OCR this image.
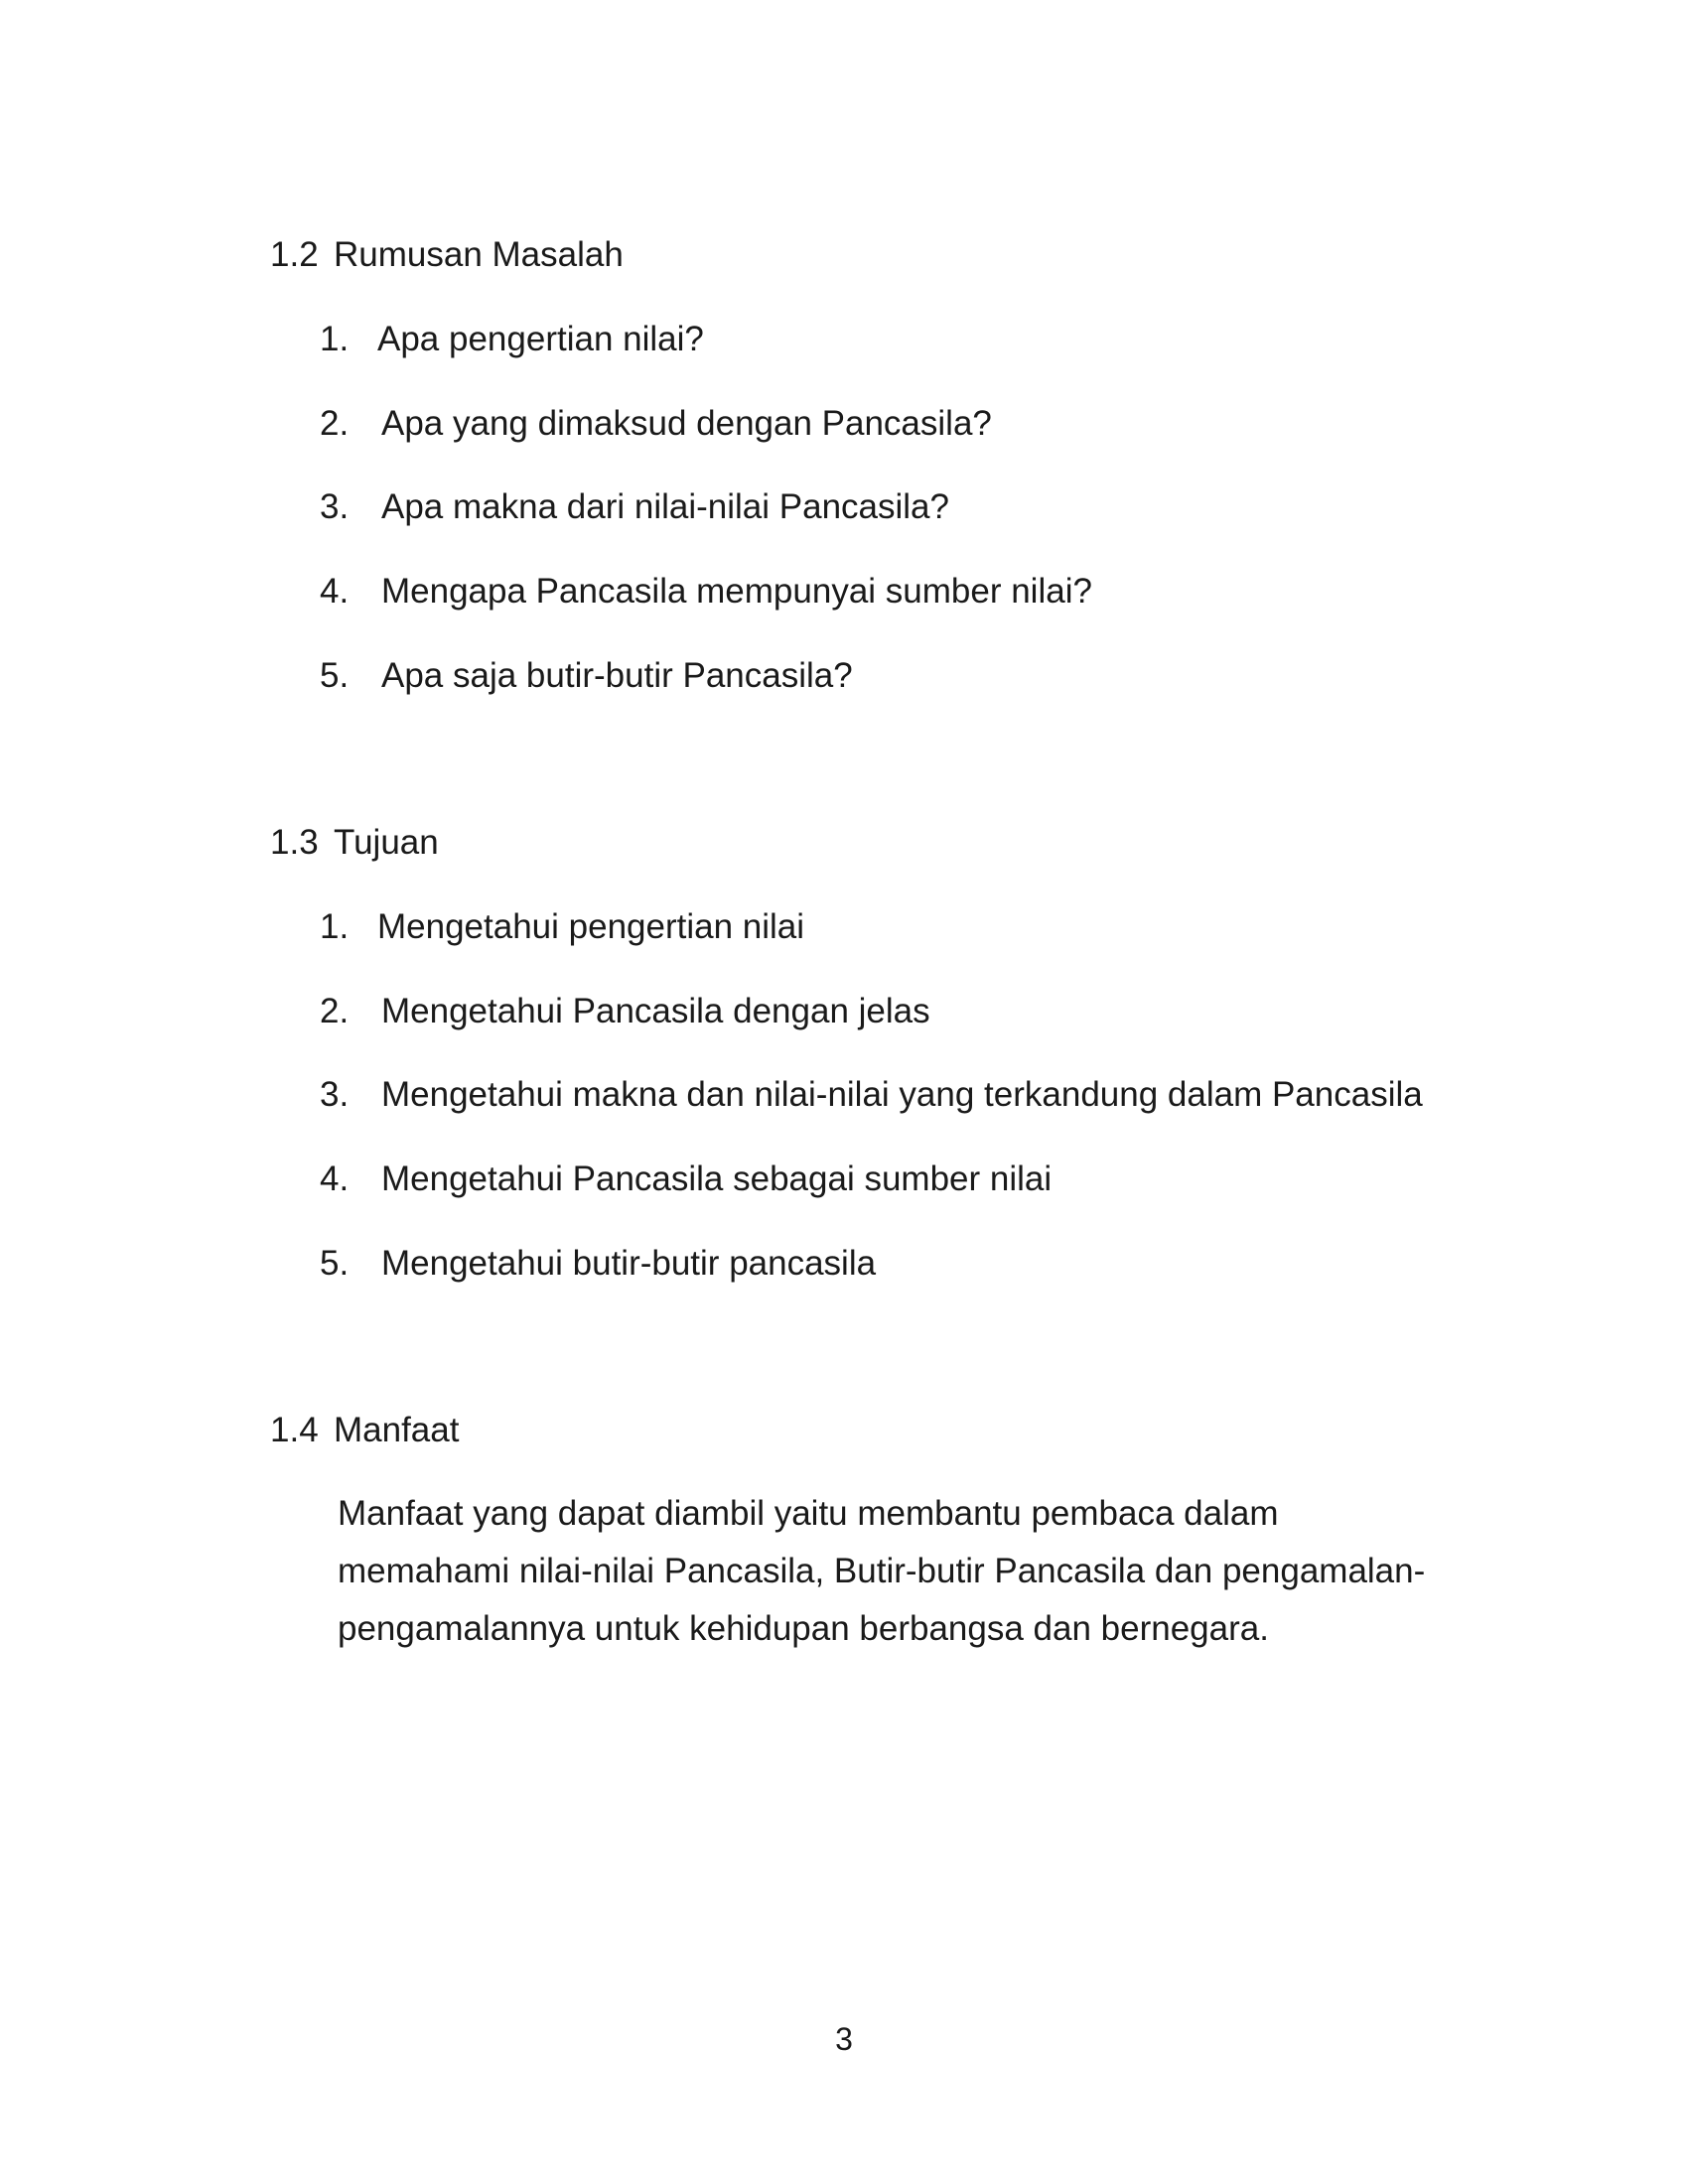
1.2 Rumusan Masalah
1. Apa pengertian nilai?
2. Apa yang dimaksud dengan Pancasila?
3. Apa makna dari nilai-nilai Pancasila?
4. Mengapa Pancasila mempunyai sumber nilai?
5. Apa saja butir-butir Pancasila?
1.3 Tujuan
1. Mengetahui pengertian nilai
2. Mengetahui Pancasila dengan jelas
3. Mengetahui makna dan nilai-nilai yang terkandung dalam Pancasila
4. Mengetahui Pancasila sebagai sumber nilai
5. Mengetahui butir-butir pancasila
1.4 Manfaat
Manfaat yang dapat diambil yaitu membantu pembaca dalam
memahami nilai-nilai Pancasila, Butir-butir Pancasila dan pengamalan-
pengamalannya untuk kehidupan berbangsa dan bernegara.
3
